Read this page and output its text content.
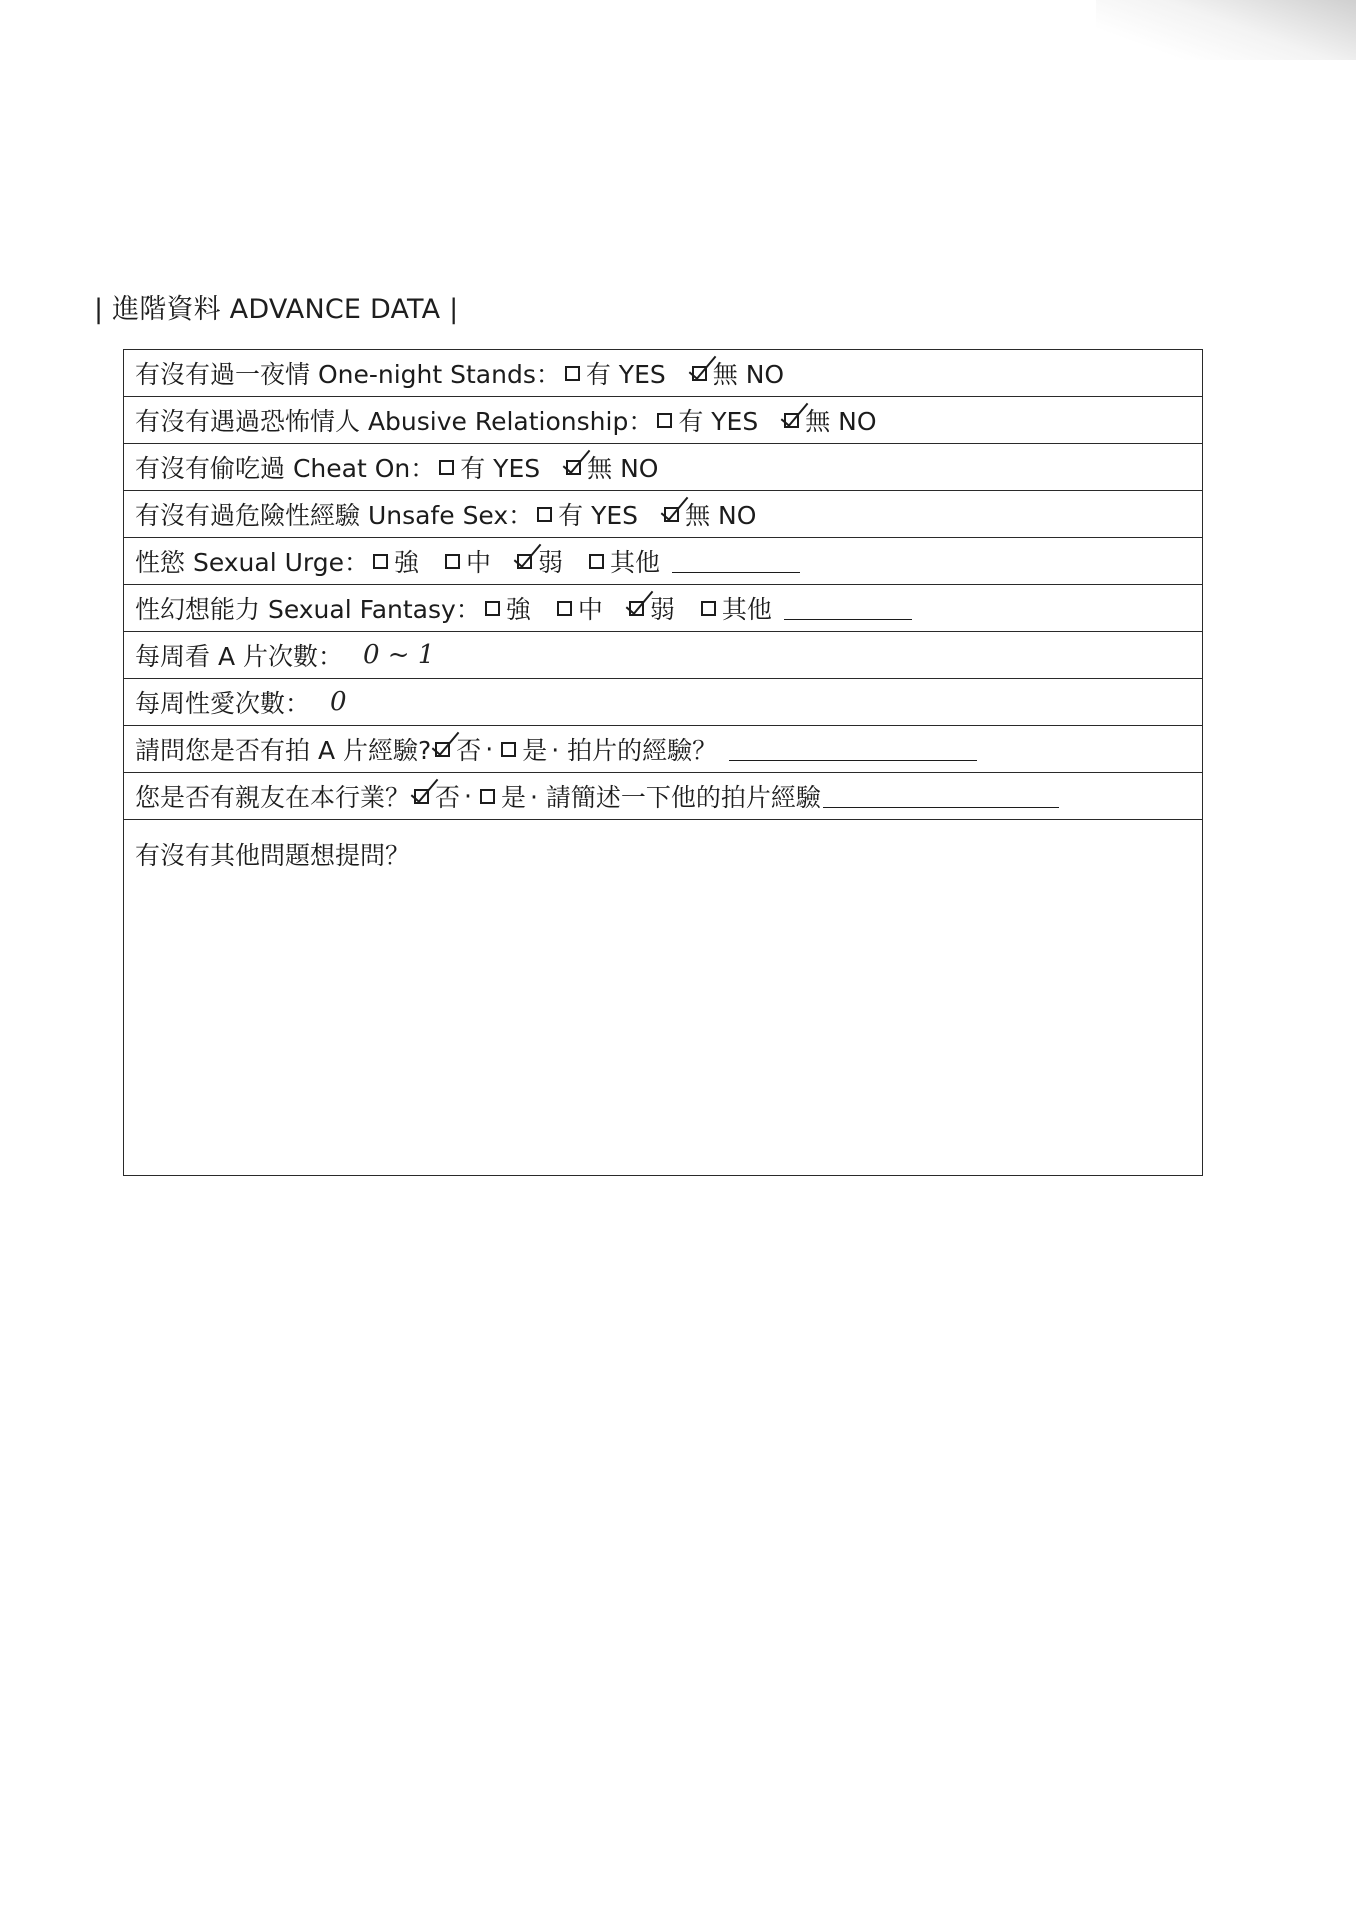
| 進階資料 ADVANCE DATA |
有沒有過一夜情 One-night Stands： 有 YES 無 NO
有沒有遇過恐怖情人 Abusive Relationship： 有 YES 無 NO
有沒有偷吃過 Cheat On： 有 YES 無 NO
有沒有過危險性經驗 Unsafe Sex： 有 YES 無 NO
性慾 Sexual Urge： 強 中 弱 其他
性幻想能力 Sexual Fantasy： 強 中 弱 其他
每周看 A 片次數： 0 ~ 1
每周性愛次數： 0
請問您是否有拍 A 片經驗? 否 ‧ 是 ‧ 拍片的經驗？
您是否有親友在本行業？ 否 ‧ 是 ‧ 請簡述一下他的拍片經驗
有沒有其他問題想提問？
